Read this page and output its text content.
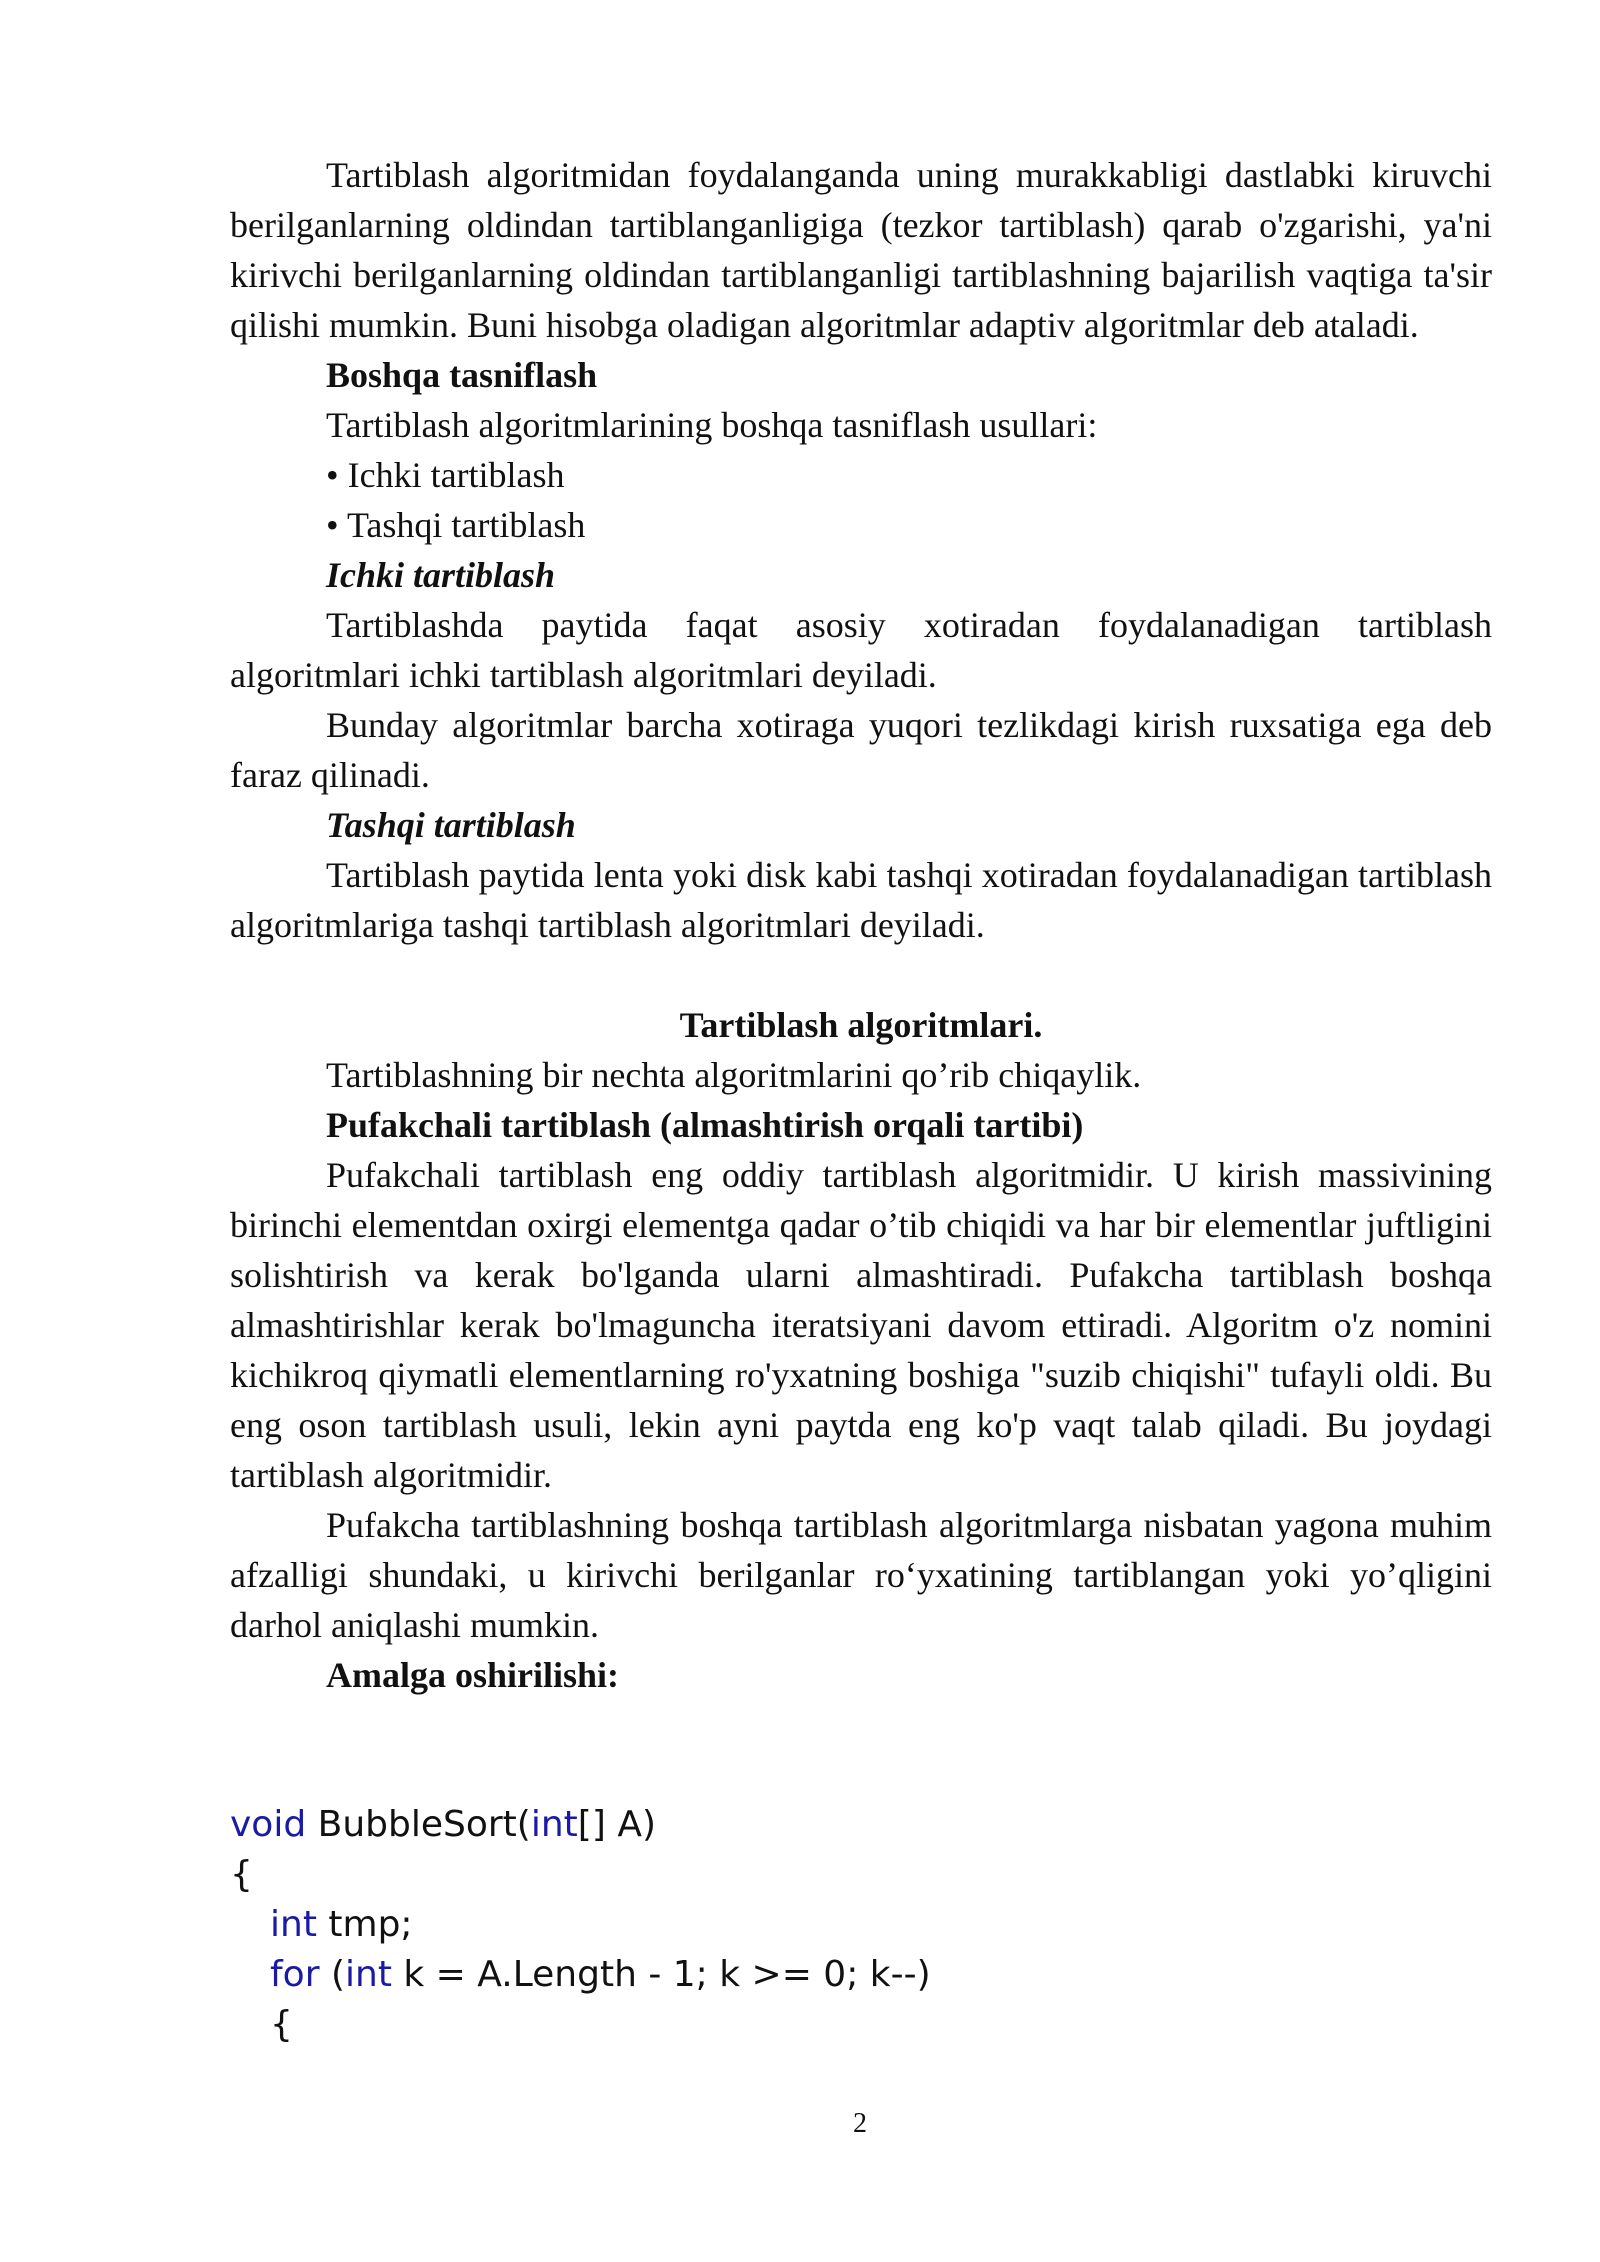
Tartiblash algoritmidan foydalanganda uning murakkabligi dastlabki kiruvchi berilganlarning oldindan tartiblanganligiga (tezkor tartiblash) qarab o'zgarishi, ya'ni kirivchi berilganlarning oldindan tartiblanganligi tartiblashning bajarilish vaqtiga ta'sir qilishi mumkin. Buni hisobga oladigan algoritmlar adaptiv algoritmlar deb ataladi.

Boshqa tasniflash
Tartiblash algoritmlarining boshqa tasniflash usullari:
• Ichki tartiblash
• Tashqi tartiblash
Ichki tartiblash

Tartiblashda paytida faqat asosiy xotiradan foydalanadigan tartiblash algoritmlari ichki tartiblash algoritmlari deyiladi.

Bunday algoritmlar barcha xotiraga yuqori tezlikdagi kirish ruxsatiga ega deb faraz qilinadi.

Tashqi tartiblash

Tartiblash paytida lenta yoki disk kabi tashqi xotiradan foydalanadigan tartiblash algoritmlariga tashqi tartiblash algoritmlari deyiladi.

Tartiblash algoritmlari.
Tartiblashning bir nechta algoritmlarini qo’rib chiqaylik.
Pufakchali tartiblash (almashtirish orqali tartibi)

Pufakchali tartiblash eng oddiy tartiblash algoritmidir. U kirish massivining birinchi elementdan oxirgi elementga qadar o’tib chiqidi va har bir elementlar juftligini solishtirish va kerak bo'lganda ularni almashtiradi. Pufakcha tartiblash boshqa almashtirishlar kerak bo'lmaguncha iteratsiyani davom ettiradi. Algoritm o'z nomini kichikroq qiymatli elementlarning ro'yxatning boshiga "suzib chiqishi" tufayli oldi. Bu eng oson tartiblash usuli, lekin ayni paytda eng ko'p vaqt talab qiladi. Bu joydagi tartiblash algoritmidir.

Pufakcha tartiblashning boshqa tartiblash algoritmlarga nisbatan yagona muhim afzalligi shundaki, u kirivchi berilganlar ro‘yxatining tartiblangan yoki yo’qligini darhol aniqlashi mumkin.

Amalga oshirilishi:
void BubbleSort(int[] A)
{
int tmp;
for (int k = A.Length - 1; k >= 0; k--)
{
2
